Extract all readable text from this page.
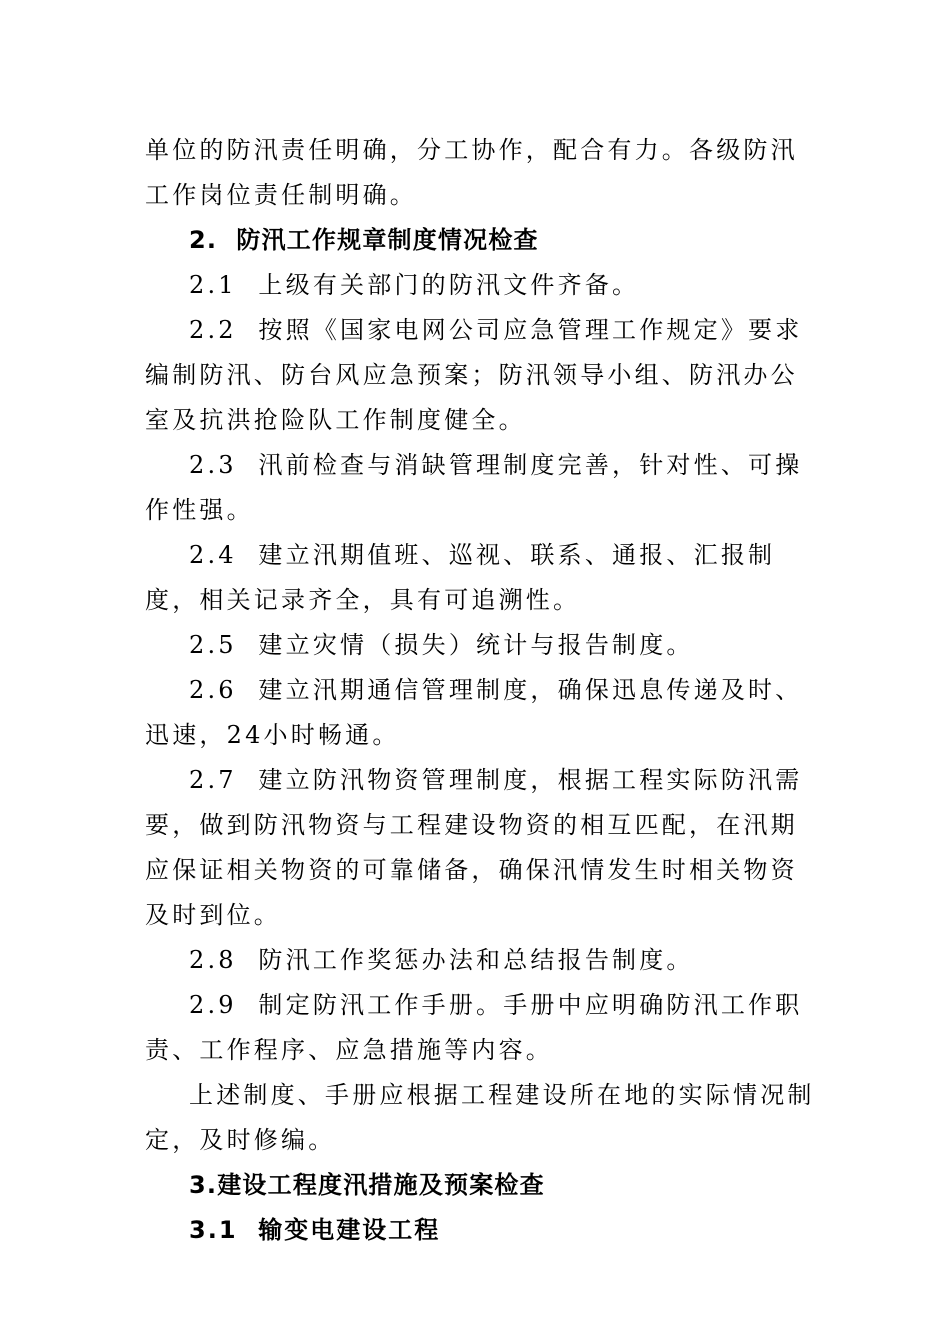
单位的防汛责任明确，分工协作，配合有力。各级防汛工作岗位责任制明确。

2.  防汛工作规章制度情况检查

2.1  上级有关部门的防汛文件齐备。

2.2  按照《国家电网公司应急管理工作规定》要求编制防汛、防台风应急预案；防汛领导小组、防汛办公室及抗洪抢险队工作制度健全。

2.3  汛前检查与消缺管理制度完善，针对性、可操作性强。

2.4  建立汛期值班、巡视、联系、通报、汇报制度，相关记录齐全，具有可追溯性。

2.5  建立灾情（损失）统计与报告制度。

2.6  建立汛期通信管理制度，确保迅息传递及时、迅速，24小时畅通。

2.7  建立防汛物资管理制度，根据工程实际防汛需要，做到防汛物资与工程建设物资的相互匹配，在汛期应保证相关物资的可靠储备，确保汛情发生时相关物资及时到位。

2.8  防汛工作奖惩办法和总结报告制度。

2.9  制定防汛工作手册。手册中应明确防汛工作职责、工作程序、应急措施等内容。

上述制度、手册应根据工程建设所在地的实际情况制定，及时修编。

3.建设工程度汛措施及预案检查

3.1  输变电建设工程
